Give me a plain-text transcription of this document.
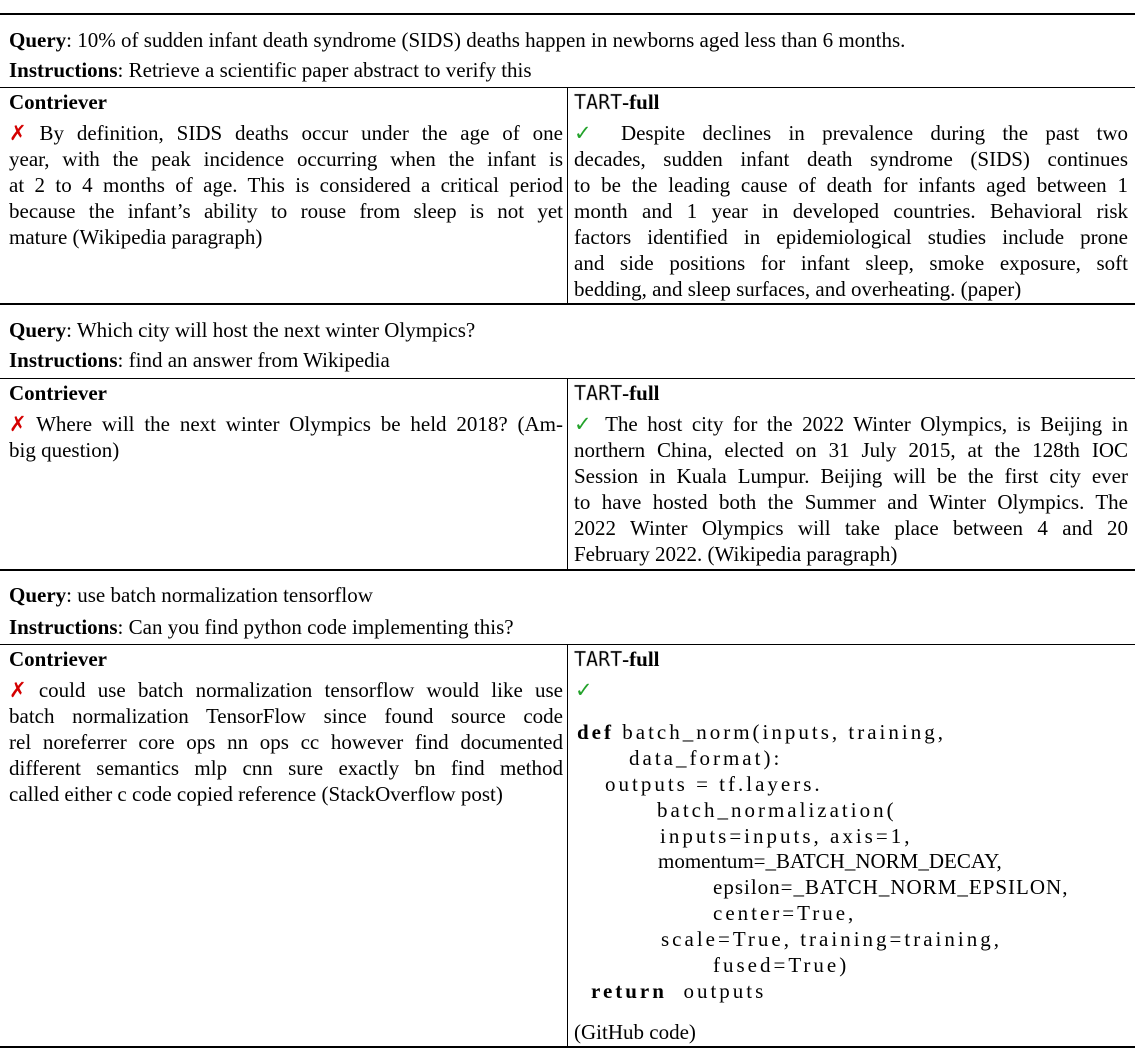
Query: 10% of sudden infant death syndrome (SIDS) deaths happen in newborns aged less than 6 months.
Instructions: Retrieve a scientific paper abstract to verify this
Contriever	TART-full
✗ By definition, SIDS deaths occur under the age of one
year, with the peak incidence occurring when the infant is
at 2 to 4 months of age. This is considered a critical period
because the infant’s ability to rouse from sleep is not yet
mature (Wikipedia paragraph)
✓ Despite declines in prevalence during the past two
decades, sudden infant death syndrome (SIDS) continues
to be the leading cause of death for infants aged between 1
month and 1 year in developed countries. Behavioral risk
factors identified in epidemiological studies include prone
and side positions for infant sleep, smoke exposure, soft
bedding, and sleep surfaces, and overheating. (paper)
Query: Which city will host the next winter Olympics?
Instructions: find an answer from Wikipedia
Contriever	TART-full
✗ Where will the next winter Olympics be held 2018? (Am-
big question)
✓ The host city for the 2022 Winter Olympics, is Beijing in
northern China, elected on 31 July 2015, at the 128th IOC
Session in Kuala Lumpur. Beijing will be the first city ever
to have hosted both the Summer and Winter Olympics. The
2022 Winter Olympics will take place between 4 and 20
February 2022. (Wikipedia paragraph)
Query: use batch normalization tensorflow
Instructions: Can you find python code implementing this?
Contriever	TART-full
✗ could use batch normalization tensorflow would like use
batch normalization TensorFlow since found source code
rel noreferrer core ops nn ops cc however find documented
different semantics mlp cnn sure exactly bn find method
called either c code copied reference (StackOverflow post)
✓
def batch_norm(inputs, training,
data_format):
outputs = tf.layers.
batch_normalization(
inputs=inputs, axis=1,
momentum=_BATCH_NORM_DECAY,
epsilon=_BATCH_NORM_EPSILON,
center=True,
scale=True, training=training,
fused=True)
return outputs
(GitHub code)
